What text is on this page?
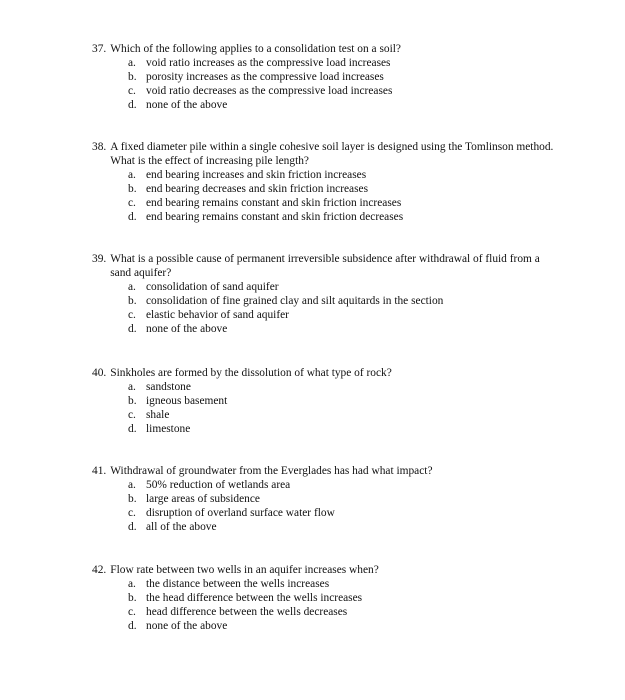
37. Which of the following applies to a consolidation test on a soil?
a. void ratio increases as the compressive load increases
b. porosity increases as the compressive load increases
c. void ratio decreases as the compressive load increases
d. none of the above
38. A fixed diameter pile within a single cohesive soil layer is designed using the Tomlinson method. What is the effect of increasing pile length?
a. end bearing increases and skin friction increases
b. end bearing decreases and skin friction increases
c. end bearing remains constant and skin friction increases
d. end bearing remains constant and skin friction decreases
39. What is a possible cause of permanent irreversible subsidence after withdrawal of fluid from a sand aquifer?
a. consolidation of sand aquifer
b. consolidation of fine grained clay and silt aquitards in the section
c. elastic behavior of sand aquifer
d. none of the above
40. Sinkholes are formed by the dissolution of what type of rock?
a. sandstone
b. igneous basement
c. shale
d. limestone
41. Withdrawal of groundwater from the Everglades has had what impact?
a. 50% reduction of wetlands area
b. large areas of subsidence
c. disruption of overland surface water flow
d. all of the above
42. Flow rate between two wells in an aquifer increases when?
a. the distance between the wells increases
b. the head difference between the wells increases
c. head difference between the wells decreases
d. none of the above
